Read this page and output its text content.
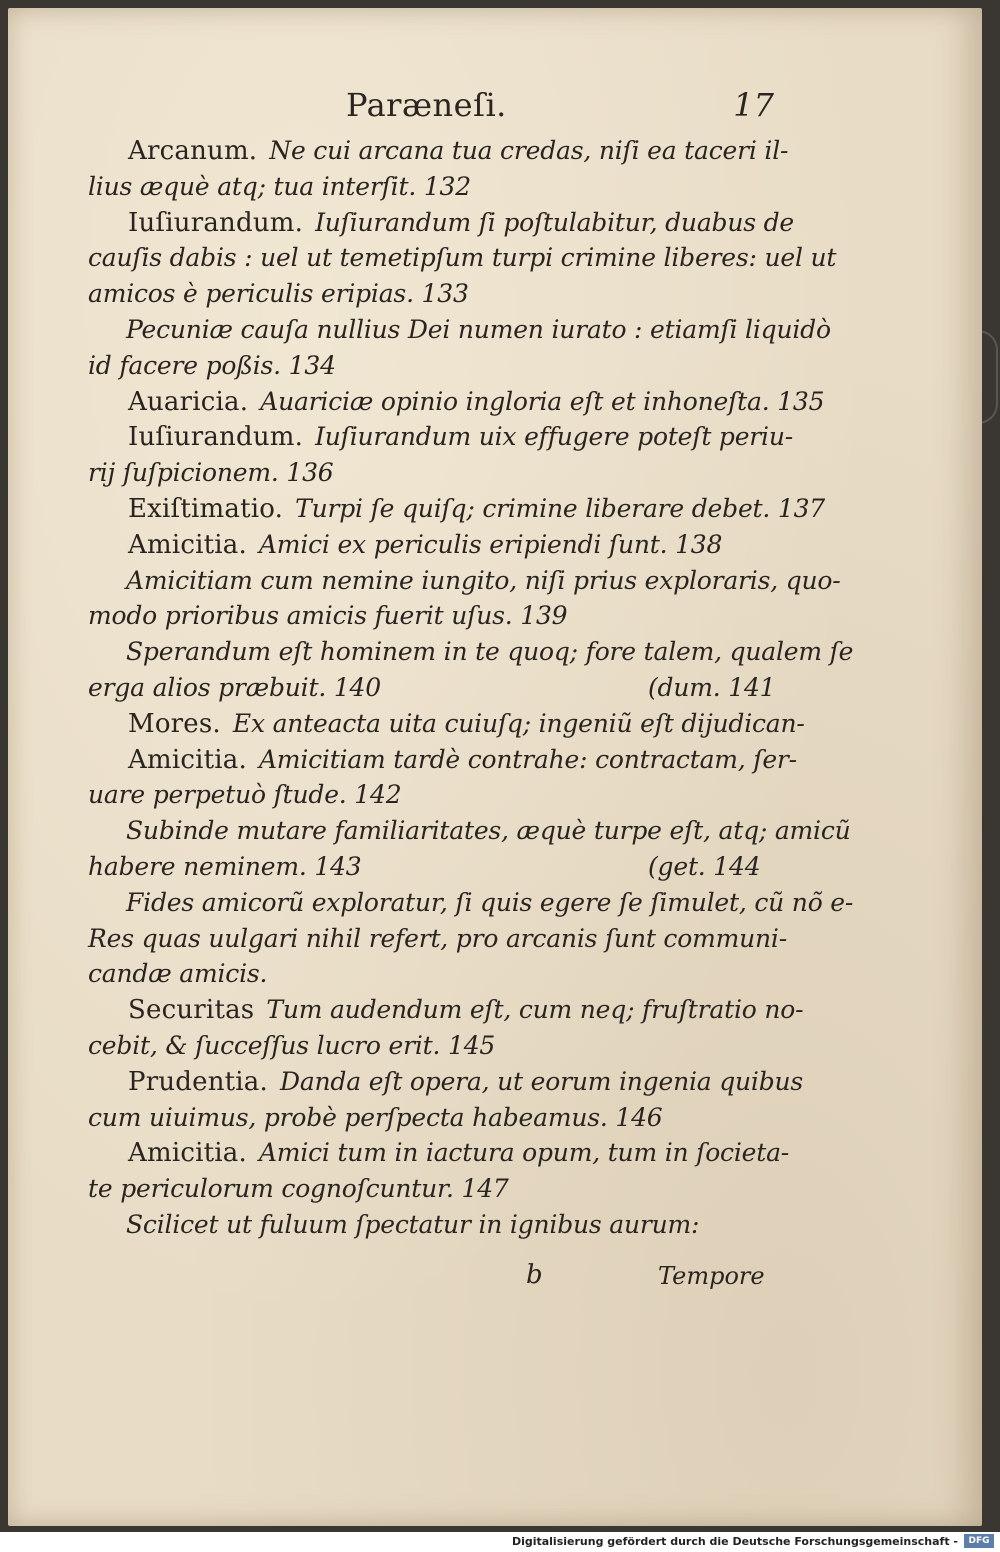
Paræneſi.	17
Arcanum. Ne cui arcana tua credas, niſi ea taceri il-
lius æquè atq; tua interſit. 132
Iuſiurandum. Iuſiurandum ſi poſtulabitur, duabus de
cauſis dabis : uel ut temetipſum turpi crimine liberes: uel ut
amicos è periculis eripias. 133
Pecuniæ cauſa nullius Dei numen iurato : etiamſi liquidò
id facere poßis. 134
Auaricia. Auariciæ opinio ingloria eſt et inhoneſta. 135
Iuſiurandum. Iuſiurandum uix effugere poteſt periu-
rij ſuſpicionem. 136
Exiſtimatio. Turpi ſe quiſq; crimine liberare debet. 137
Amicitia. Amici ex periculis eripiendi ſunt. 138
Amicitiam cum nemine iungito, niſi prius exploraris, quo-
modo prioribus amicis fuerit uſus. 139
Sperandum eſt hominem in te quoq; fore talem, qualem ſe
erga alios præbuit. 140	(dum. 141
Mores. Ex anteacta uita cuiuſq; ingeniũ eſt dijudican-
Amicitia. Amicitiam tardè contrahe: contractam, ſer-
uare perpetuò ſtude. 142
Subinde mutare familiaritates, æquè turpe eſt, atq; amicũ
habere neminem. 143	(get. 144
Fides amicorũ exploratur, ſi quis egere ſe ſimulet, cũ nõ e-
Res quas uulgari nihil refert, pro arcanis ſunt communi-
candæ amicis.
Securitas Tum audendum eſt, cum neq; fruſtratio no-
cebit, & ſucceſſus lucro erit. 145
Prudentia. Danda eſt opera, ut eorum ingenia quibus
cum uiuimus, probè perſpecta habeamus. 146
Amicitia. Amici tum in iactura opum, tum in ſocieta-
te periculorum cognoſcuntur. 147
Scilicet ut fuluum ſpectatur in ignibus aurum:
b	Tempore
Digitalisierung gefördert durch die Deutsche Forschungsgemeinschaft -	DFG
